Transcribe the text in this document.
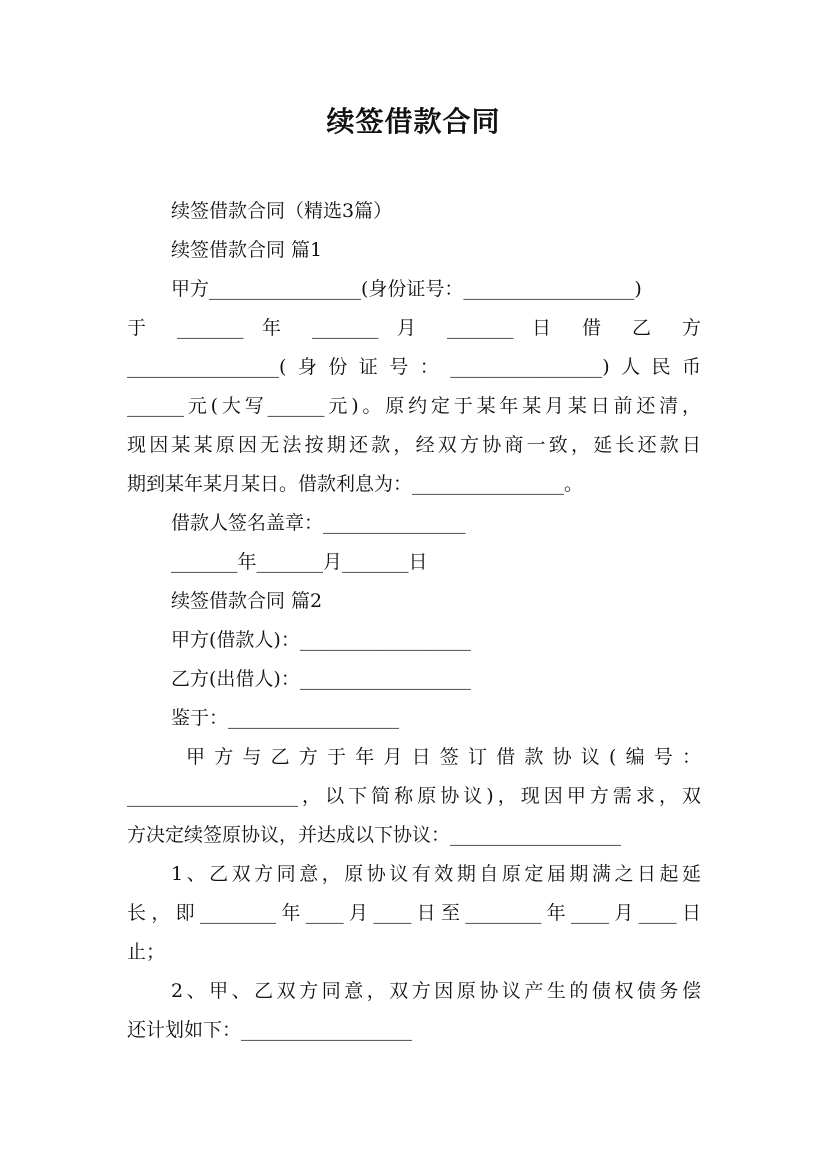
续签借款合同
续签借款合同（精选3篇）
续签借款合同 篇1
甲方________________(身份证号：__________________)
于 _______ 年 _______ 月 _______ 日 借 乙 方
________________(身份证号：________________)人民币
______元(大写______元)。原约定于某年某月某日前还清，
现因某某原因无法按期还款，经双方协商一致，延长还款日
期到某年某月某日。借款利息为：________________。
借款人签名盖章：_______________
_______年_______月_______日
续签借款合同 篇2
甲方(借款人)：__________________
乙方(出借人)：__________________
鉴于：__________________
甲方与乙方于年月日签订借款协议(编号：
__________________，以下简称原协议)，现因甲方需求，双
方决定续签原协议，并达成以下协议：__________________
1、乙双方同意，原协议有效期自原定届期满之日起延
长，即________年____月____日至________年____月____日
止；
2、甲、乙双方同意，双方因原协议产生的债权债务偿
还计划如下：__________________
